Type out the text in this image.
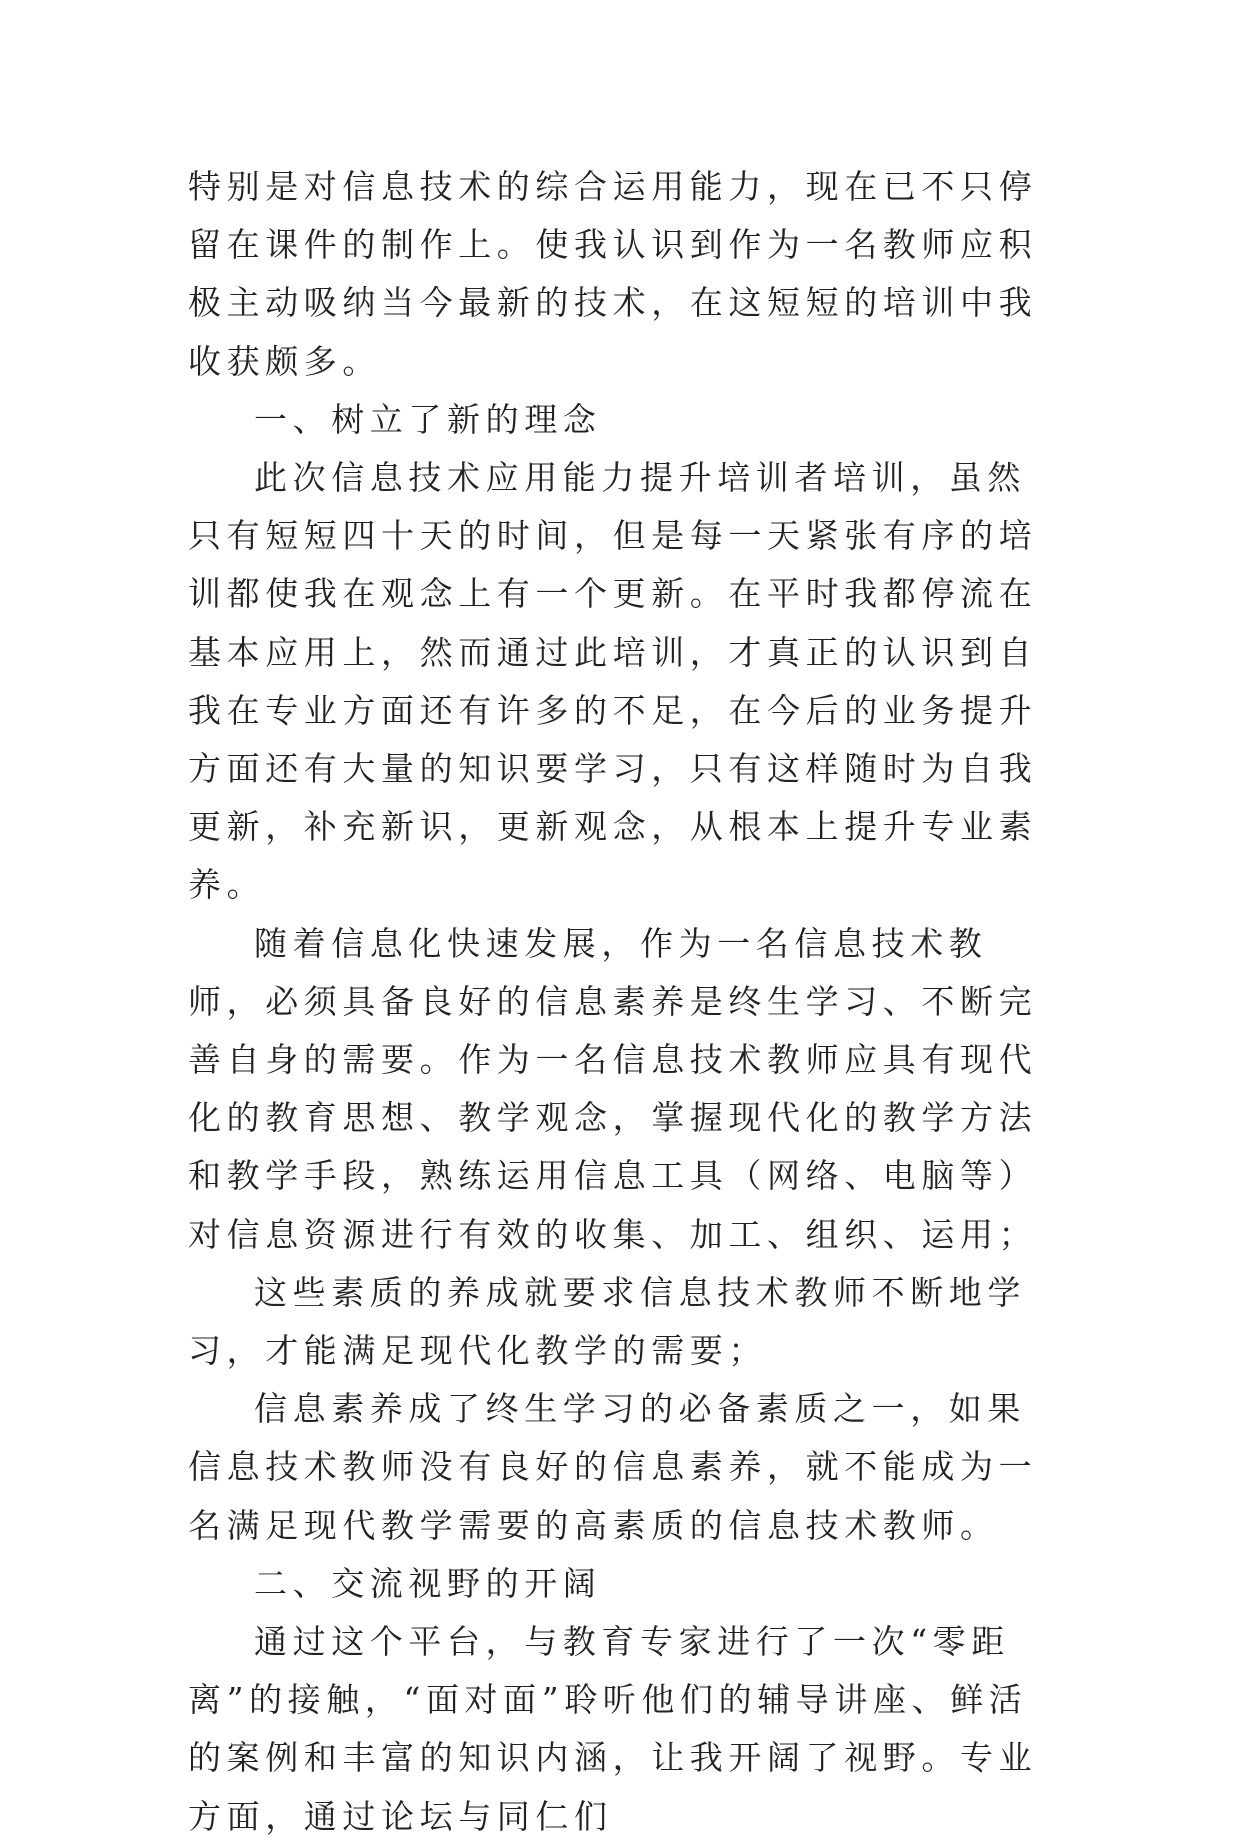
特别是对信息技术的综合运用能力，现在已不只停留在课件的制作上。使我认识到作为一名教师应积极主动吸纳当今最新的技术，在这短短的培训中我收获颇多。

一、树立了新的理念

此次信息技术应用能力提升培训者培训，虽然只有短短四十天的时间，但是每一天紧张有序的培训都使我在观念上有一个更新。在平时我都停流在基本应用上，然而通过此培训，才真正的认识到自我在专业方面还有许多的不足，在今后的业务提升方面还有大量的知识要学习，只有这样随时为自我更新，补充新识，更新观念，从根本上提升专业素养。

随着信息化快速发展，作为一名信息技术教师，必须具备良好的信息素养是终生学习、不断完善自身的需要。作为一名信息技术教师应具有现代化的教育思想、教学观念，掌握现代化的教学方法和教学手段，熟练运用信息工具（网络、电脑等）对信息资源进行有效的收集、加工、组织、运用；

这些素质的养成就要求信息技术教师不断地学习，才能满足现代化教学的需要；

信息素养成了终生学习的必备素质之一，如果信息技术教师没有良好的信息素养，就不能成为一名满足现代教学需要的高素质的信息技术教师。

二、交流视野的开阔

通过这个平台，与教育专家进行了一次“零距离”的接触，“面对面”聆听他们的辅导讲座、鲜活的案例和丰富的知识内涵，让我开阔了视野。专业方面，通过论坛与同仁们
